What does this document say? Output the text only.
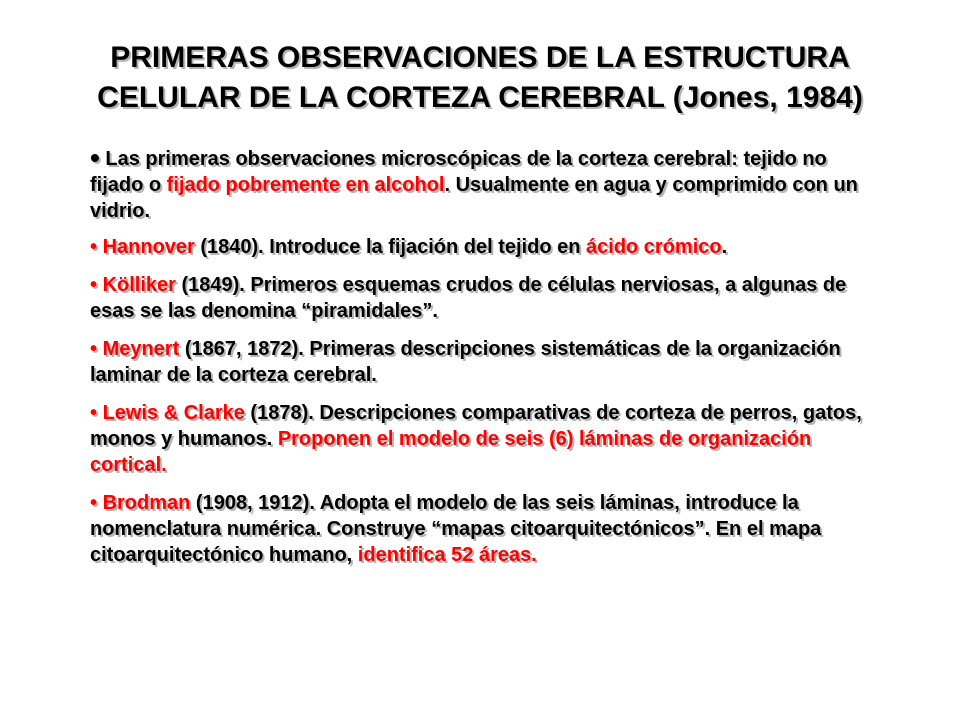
PRIMERAS OBSERVACIONES DE LA ESTRUCTURA
CELULAR DE LA CORTEZA CEREBRAL (Jones, 1984)

• Las primeras observaciones microscópicas de la corteza cerebral: tejido no fijado o fijado pobremente en alcohol. Usualmente en agua y comprimido con un vidrio.

• Hannover (1840). Introduce la fijación del tejido en ácido crómico.

• Kölliker (1849). Primeros esquemas crudos de células nerviosas, a algunas de esas se las denomina “piramidales”.

• Meynert (1867, 1872). Primeras descripciones sistemáticas de la organización laminar de la corteza cerebral.

• Lewis & Clarke (1878). Descripciones comparativas de corteza de perros, gatos, monos y humanos. Proponen el modelo de seis (6) láminas de organización cortical.

• Brodman (1908, 1912). Adopta el modelo de las seis láminas, introduce la nomenclatura numérica. Construye “mapas citoarquitectónicos”. En el mapa citoarquitectónico humano, identifica 52 áreas.
